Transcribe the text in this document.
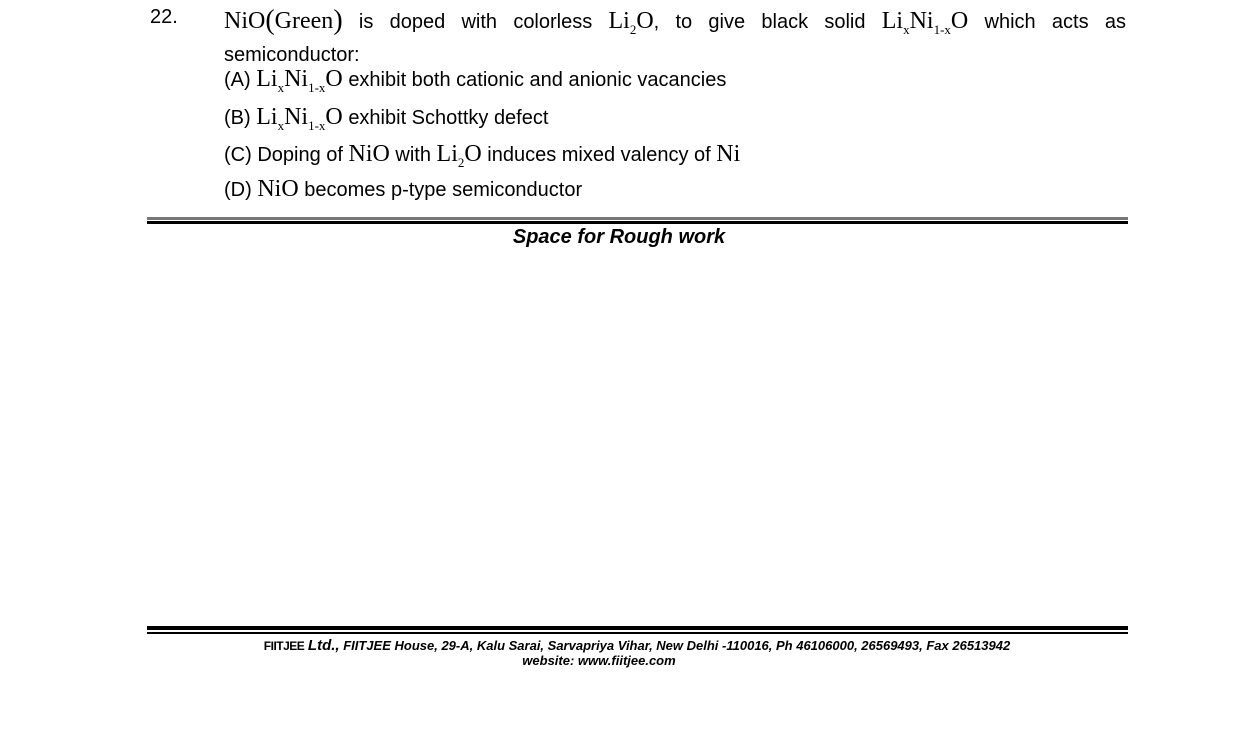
22. NiO(Green) is doped with colorless $Li_2O$, to give black solid $Li_xNi_{1-x}O$ which acts as semiconductor:
(A) $Li_xNi_{1-x}O$ exhibit both cationic and anionic vacancies
(B) $Li_xNi_{1-x}O$ exhibit Schottky defect
(C) Doping of NiO with $Li_2O$ induces mixed valency of Ni
(D) NiO becomes p-type semiconductor
Space for Rough work
FIITJEE Ltd., FIITJEE House, 29-A, Kalu Sarai, Sarvapriya Vihar, New Delhi -110016, Ph 46106000, 26569493, Fax 26513942
website: www.fiitjee.com
